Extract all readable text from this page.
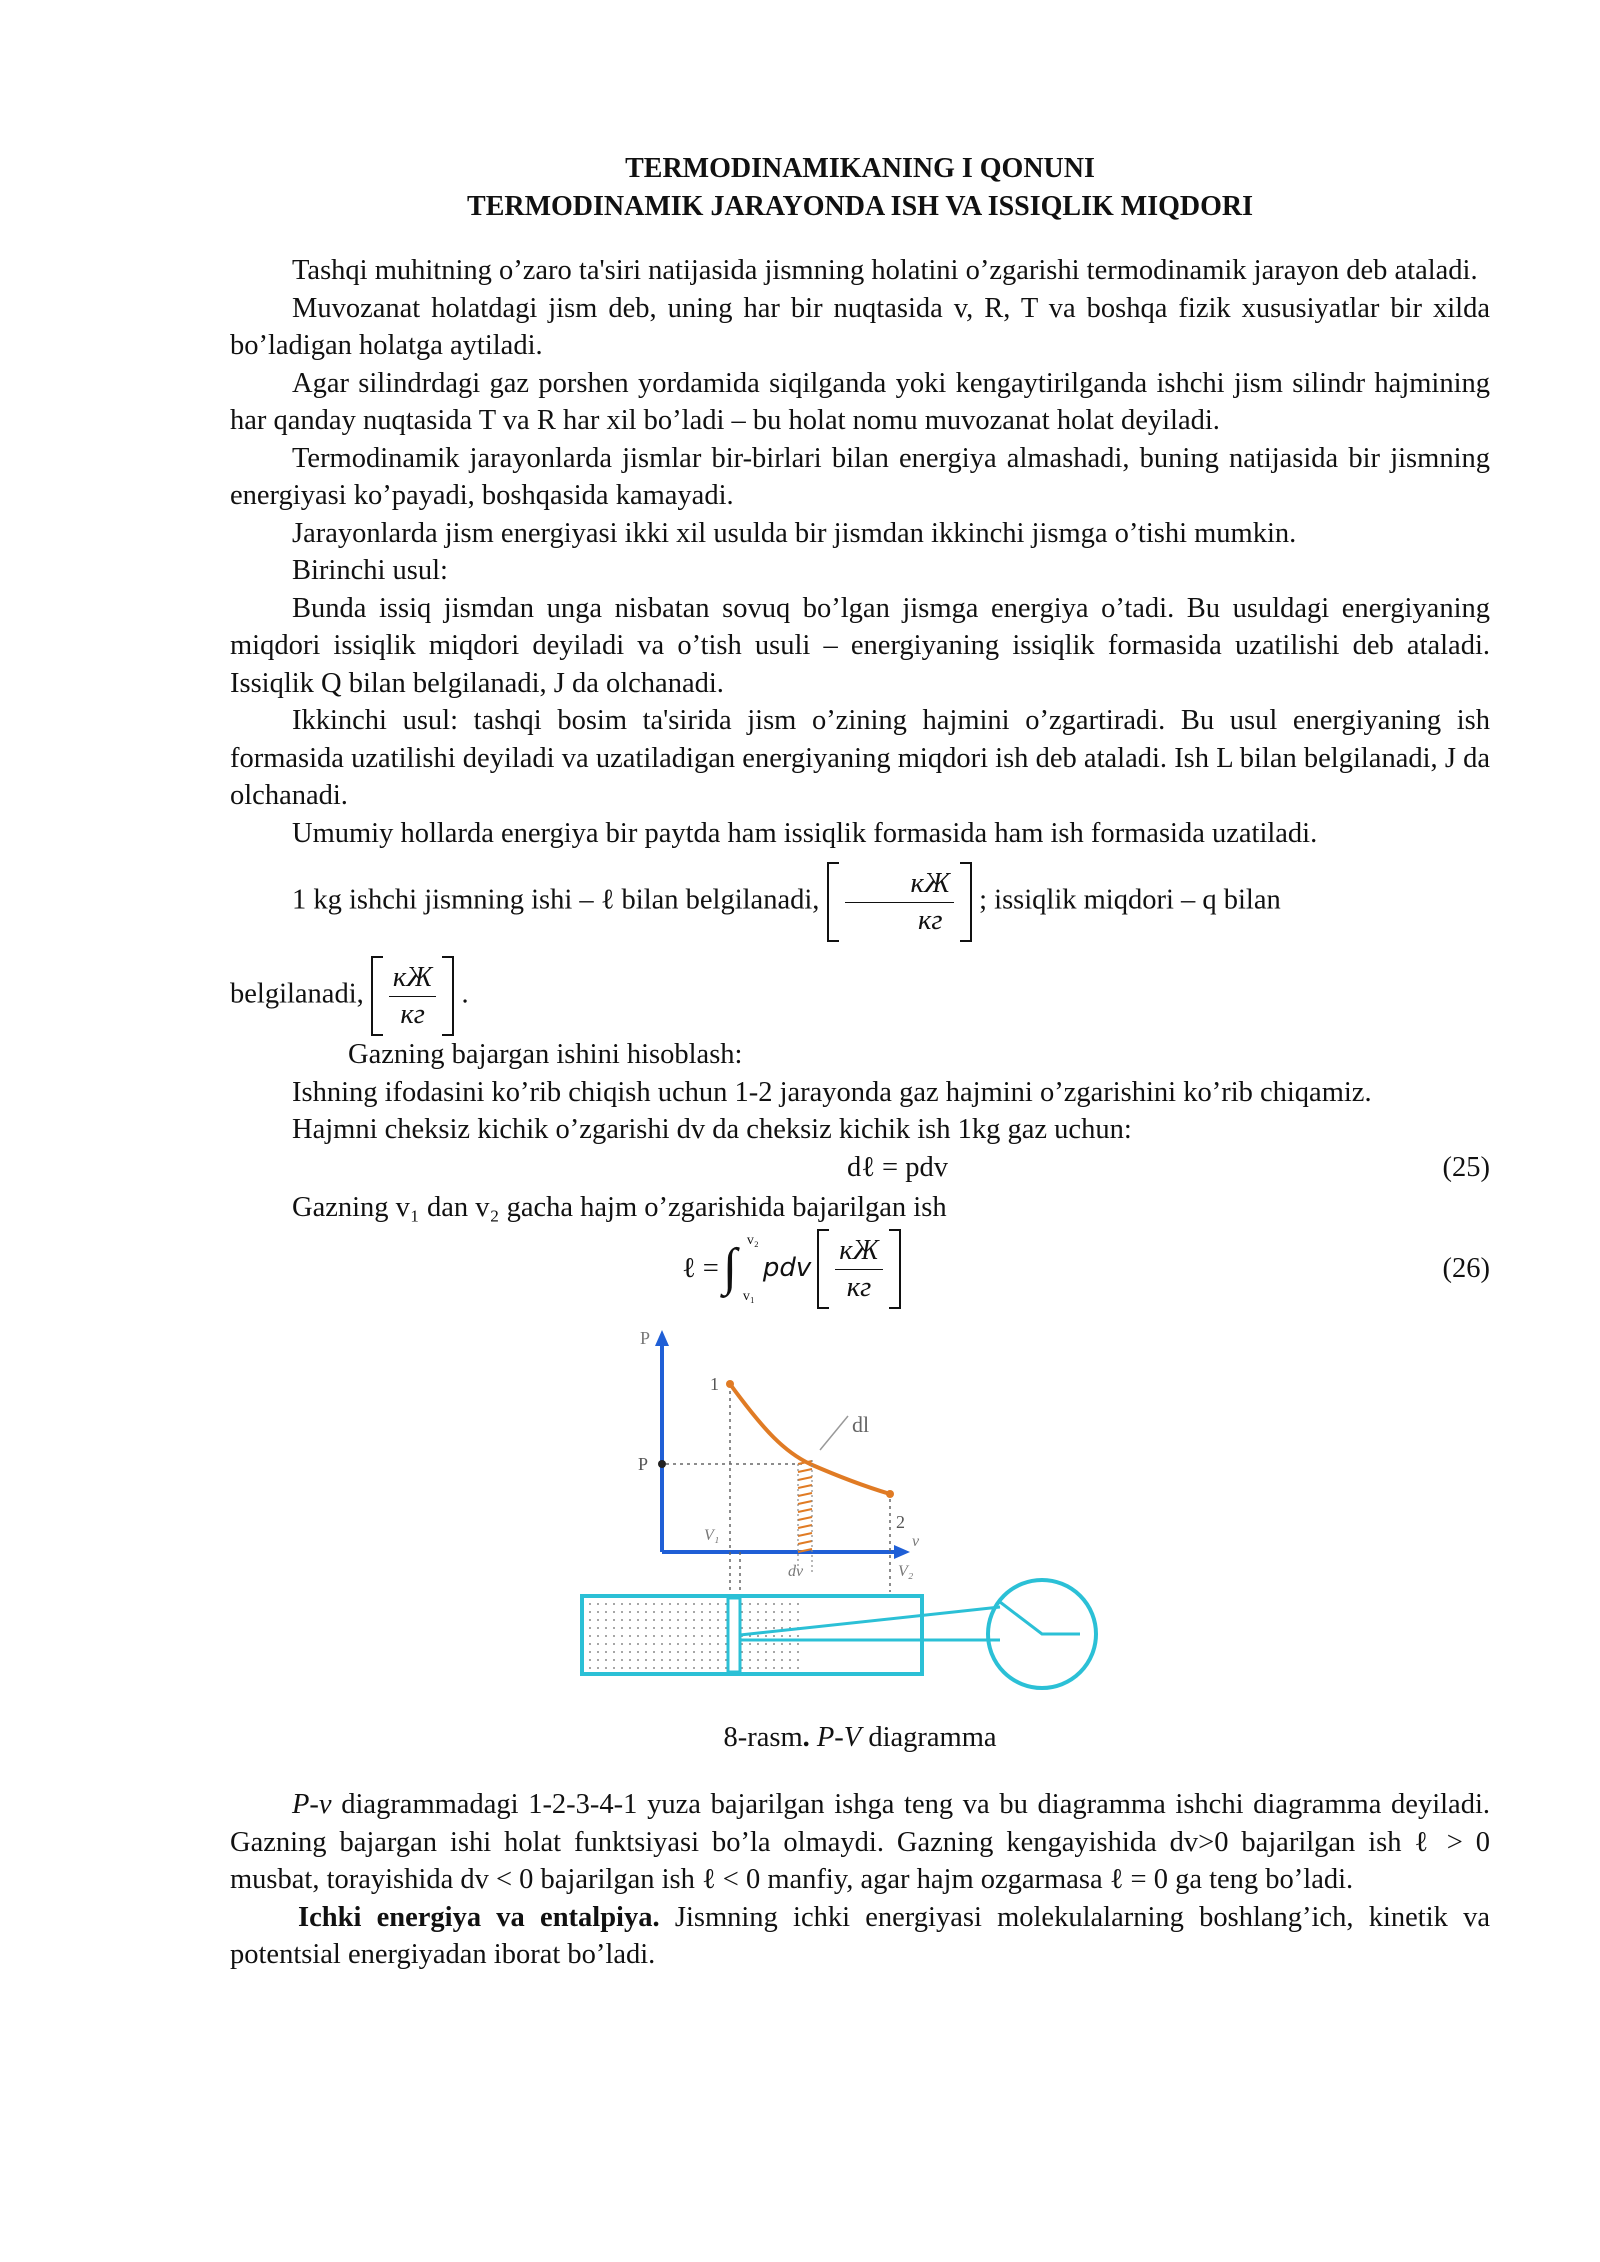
TERMODINAMIKANING I QONUNI
TERMODINAMIK JARAYONDA ISH VA ISSIQLIK MIQDORI

Tashqi muhitning o’zaro ta'siri natijasida jismning holatini o’zgarishi termodinamik jarayon deb ataladi.

Muvozanat holatdagi jism deb, uning har bir nuqtasida v, R, T va boshqa fizik xususiyatlar bir xilda bo’ladigan holatga aytiladi.

Agar silindrdagi gaz porshen yordamida siqilganda yoki kengaytirilganda ishchi jism silindr hajmining har qanday nuqtasida T va R har xil bo’ladi – bu holat nomu muvozanat holat deyiladi.

Termodinamik jarayonlarda jismlar bir-birlari bilan energiya almashadi, buning natijasida bir jismning energiyasi ko’payadi, boshqasida kamayadi.

Jarayonlarda jism energiyasi ikki xil usulda bir jismdan ikkinchi jismga o’tishi mumkin.

Birinchi usul:

Bunda issiq jismdan unga nisbatan sovuq bo’lgan jismga energiya o’tadi. Bu usuldagi energiyaning miqdori issiqlik miqdori deyiladi va o’tish usuli – energiyaning issiqlik formasida uzatilishi deb ataladi. Issiqlik Q bilan belgilanadi, J da olchanadi.

Ikkinchi usul: tashqi bosim ta'sirida jism o’zining hajmini o’zgartiradi. Bu usul energiyaning ish formasida uzatilishi deyiladi va uzatiladigan energiyaning miqdori ish deb ataladi. Ish L bilan belgilanadi, J da olchanadi.

Umumiy hollarda energiya bir paytda ham issiqlik formasida ham ish formasida uzatiladi.

1 kg ishchi jismning ishi – ℓ bilan belgilanadi, $\frac{кЖ}{кг}$ ; issiqlik miqdori – q bilan

belgilanadi, $\frac{кЖ}{кг}$ .

Gazning bajargan ishini hisoblash:

Ishning ifodasini ko’rib chiqish uchun 1-2 jarayonda gaz hajmini o’zgarishini ko’rib chiqamiz.

Hajmni cheksiz kichik o’zgarishi dv da cheksiz kichik ish 1kg gaz uchun:

dℓ = pdv	(25)

Gazning v₁ dan v₂ gacha hajm o’zgarishida bajarilgan ish

ℓ = ∫ v₂
v₁
pdv $\frac{кЖ}{кг}$	(26)
P
v
P
1
2
dl
V₁
dv	V₂
8-rasm. P-V diagramma

P-v diagrammadagi 1-2-3-4-1 yuza bajarilgan ishga teng va bu diagramma ishchi diagramma deyiladi. Gazning bajargan ishi holat funktsiyasi bo’la olmaydi. Gazning kengayishida dv>0 bajarilgan ish ℓ > 0 musbat, torayishida dv < 0 bajarilgan ish ℓ < 0 manfiy, agar hajm ozgarmasa ℓ = 0 ga teng bo’ladi.

Ichki energiya va entalpiya. Jismning ichki energiyasi molekulalarning boshlang’ich, kinetik va potentsial energiyadan iborat bo’ladi.
